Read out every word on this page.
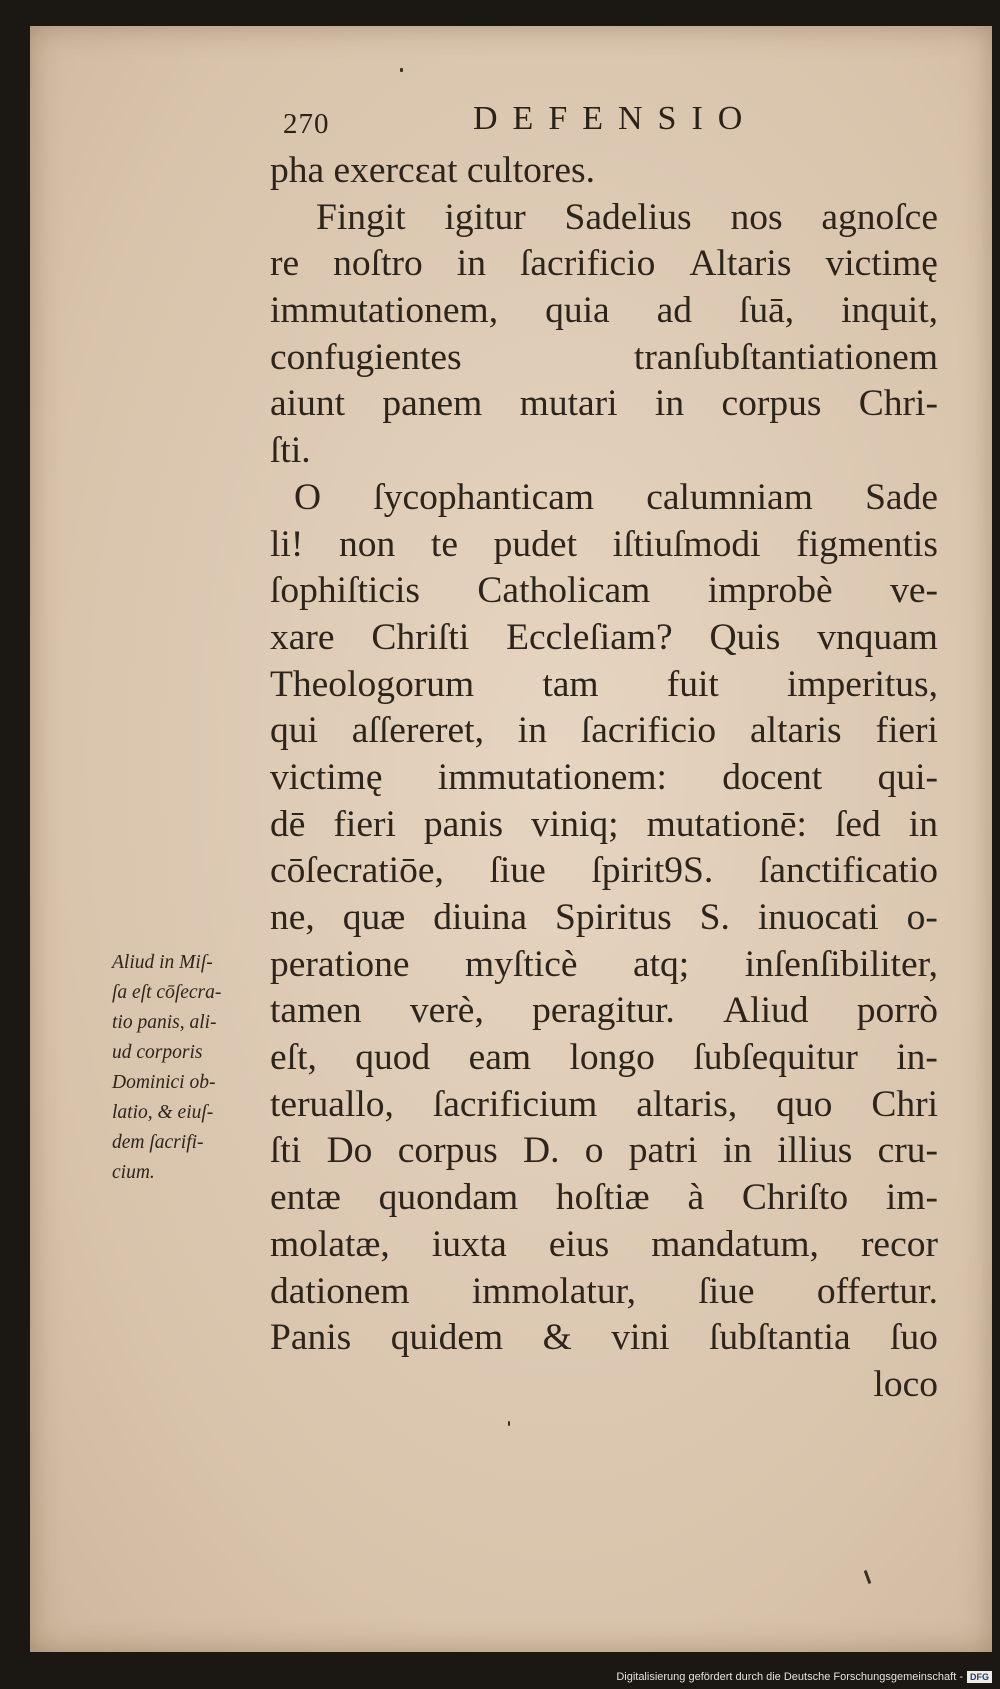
270	DEFENSIO
pha exercεat cultores.
Fingit igitur Sadelius nos agnoſce
re noſtro in ſacrificio Altaris victimę
immutationem, quia ad ſuā, inquit,
confugientes	tranſubſtantiationem
aiunt panem mutari in corpus Chri-
ſti.
O ſycophanticam calumniam Sade
li! non te pudet iſtiuſmodi figmentis
ſophiſticis Catholicam improbè ve-
xare Chriſti Eccleſiam? Quis vnquam
Theologorum tam fuit imperitus,
qui aſſereret, in ſacrificio altaris fieri
victimę immutationem: docent qui-
dē fieri panis viniq; mutationē: ſed in
cōſecratiōe, ſiue ſpirit9S. ſanctificatio
ne, quæ diuina Spiritus S. inuocati o-
peratione myſticè atq; inſenſibiliter,
tamen verè, peragitur. Aliud porrò
eſt, quod eam longo ſubſequitur in-
teruallo, ſacrificium altaris, quo Chri
ſti Do corpus D. o patri in illius cru-
entæ quondam hoſtiæ à Chriſto im-
molatæ, iuxta eius mandatum, recor
dationem immolatur, ſiue offertur.
Panis quidem & vini ſubſtantia ſuo
loco
Aliud in Miſ-
ſa eſt cōſecra-
tio panis, ali-
ud corporis
Dominici ob-
latio, & eiuſ-
dem ſacrifi-
cium.
Digitalisierung gefördert durch die Deutsche Forschungsgemeinschaft - DFG
